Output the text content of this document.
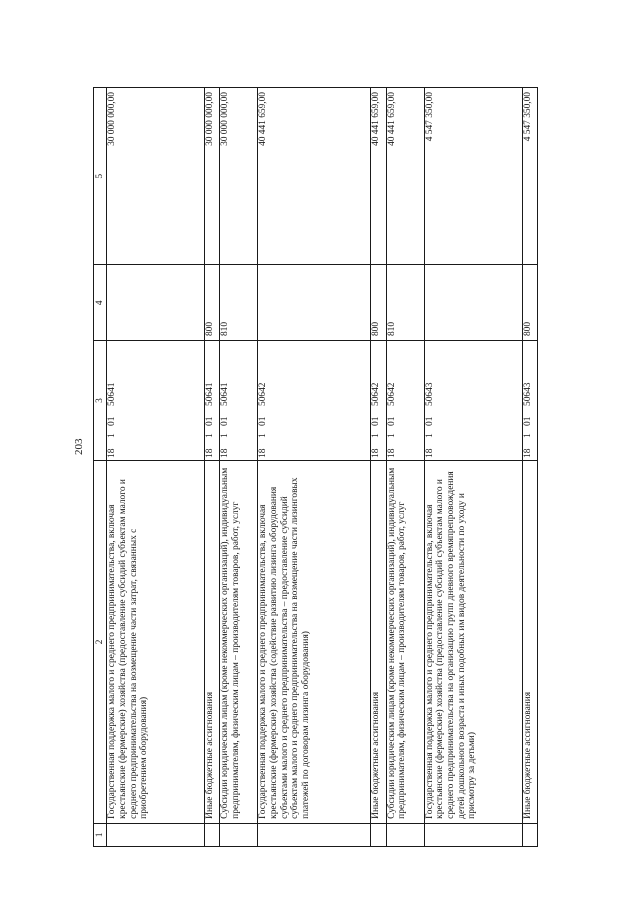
203
1	2	3	4	5
	Государственная поддержка малого и среднего предпринимательства, включая крестьянские (фермерские) хозяйства (предоставление субсидий субъектам малого и среднего предпринимательства на возмещение части затрат, связанных с приобретением оборудования)	1810150641		30 000 000,00
	Иные бюджетные ассигнования	1810150641	800	30 000 000,00
	Субсидии юридическим лицам (кроме некоммерческих организаций), индивидуальным предпринимателям, физическим лицам – производителям товаров, работ, услуг	1810150641	810	30 000 000,00
	Государственная поддержка малого и среднего предпринимательства, включая крестьянские (фермерские) хозяйства (содействие развитию лизинга оборудования субъектами малого и среднего предпринимательства – предоставление субсидий субъектам малого и среднего предпринимательства на возмещение части лизинговых платежей по договорам лизинга оборудования)	1810150642		40 441 659,00
	Иные бюджетные ассигнования	1810150642	800	40 441 659,00
	Субсидии юридическим лицам (кроме некоммерческих организаций), индивидуальным предпринимателям, физическим лицам – производителям товаров, работ, услуг	1810150642	810	40 441 659,00
	Государственная поддержка малого и среднего предпринимательства, включая крестьянские (фермерские) хозяйства (предоставление субсидий субъектам малого и среднего предпринимательства на организацию групп дневного времяпрепровождения детей дошкольного возраста и иных подобных им видов деятельности по уходу и присмотру за детьми)	1810150643		4 547 350,00
	Иные бюджетные ассигнования	1810150643	800	4 547 350,00
